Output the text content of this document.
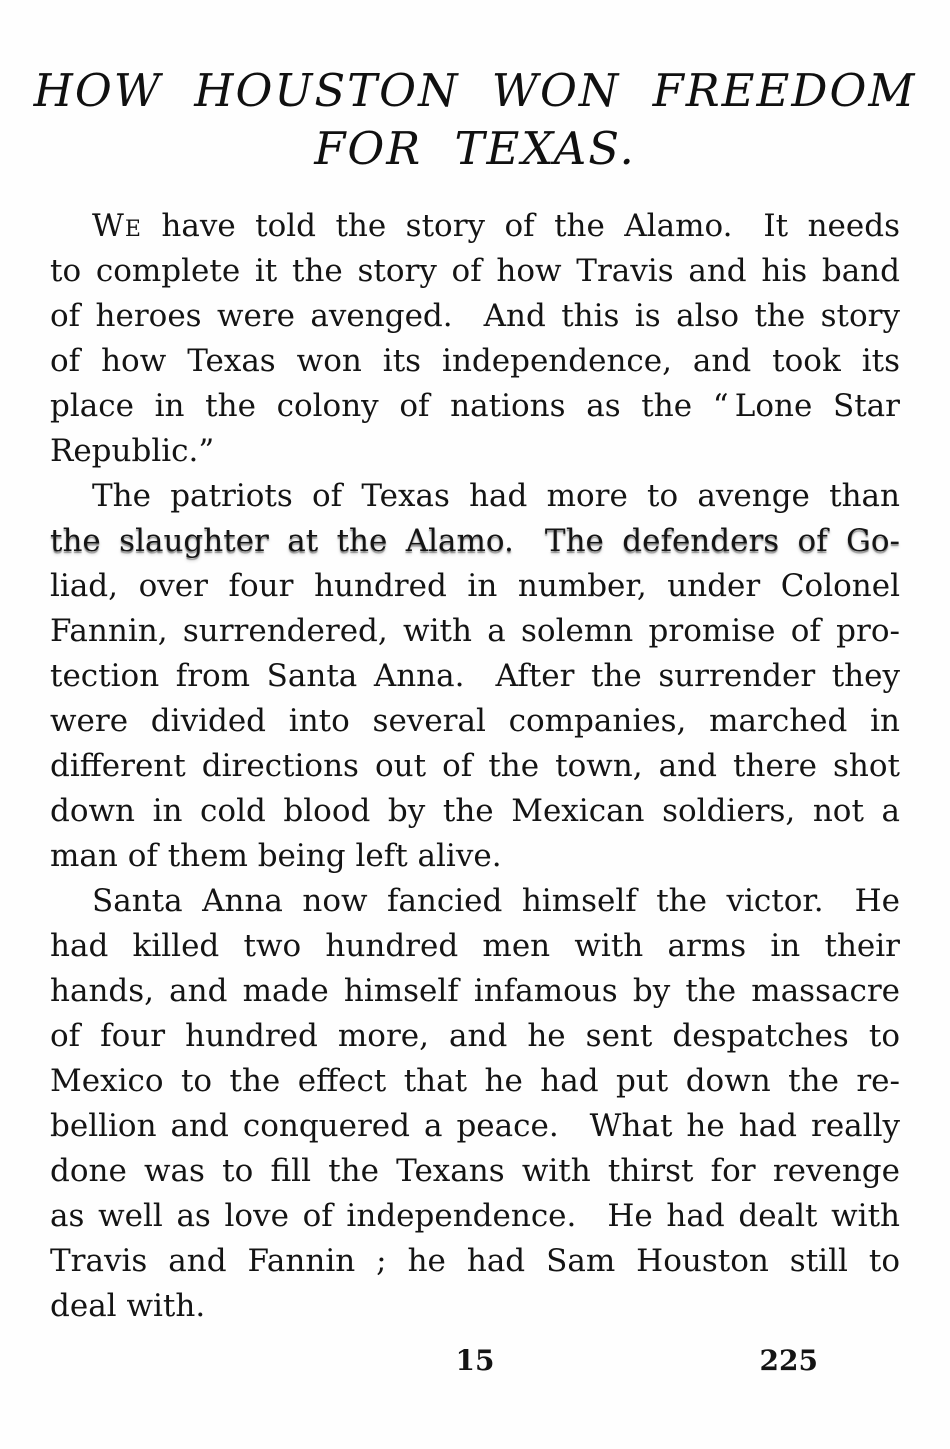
HOW HOUSTON WON FREEDOM
FOR TEXAS.
We have told the story of the Alamo. It needs
to complete it the story of how Travis and his band
of heroes were avenged. And this is also the story
of how Texas won its independence, and took its
place in the colony of nations as the “ Lone Star
Republic.”
The patriots of Texas had more to avenge than
the slaughter at the Alamo. The defenders of Go-
liad, over four hundred in number, under Colonel
Fannin, surrendered, with a solemn promise of pro-
tection from Santa Anna. After the surrender they
were divided into several companies, marched in
different directions out of the town, and there shot
down in cold blood by the Mexican soldiers, not a
man of them being left alive.
Santa Anna now fancied himself the victor. He
had killed two hundred men with arms in their
hands, and made himself infamous by the massacre
of four hundred more, and he sent despatches to
Mexico to the effect that he had put down the re-
bellion and conquered a peace. What he had really
done was to fill the Texans with thirst for revenge
as well as love of independence. He had dealt with
Travis and Fannin ; he had Sam Houston still to
deal with.
15	225
